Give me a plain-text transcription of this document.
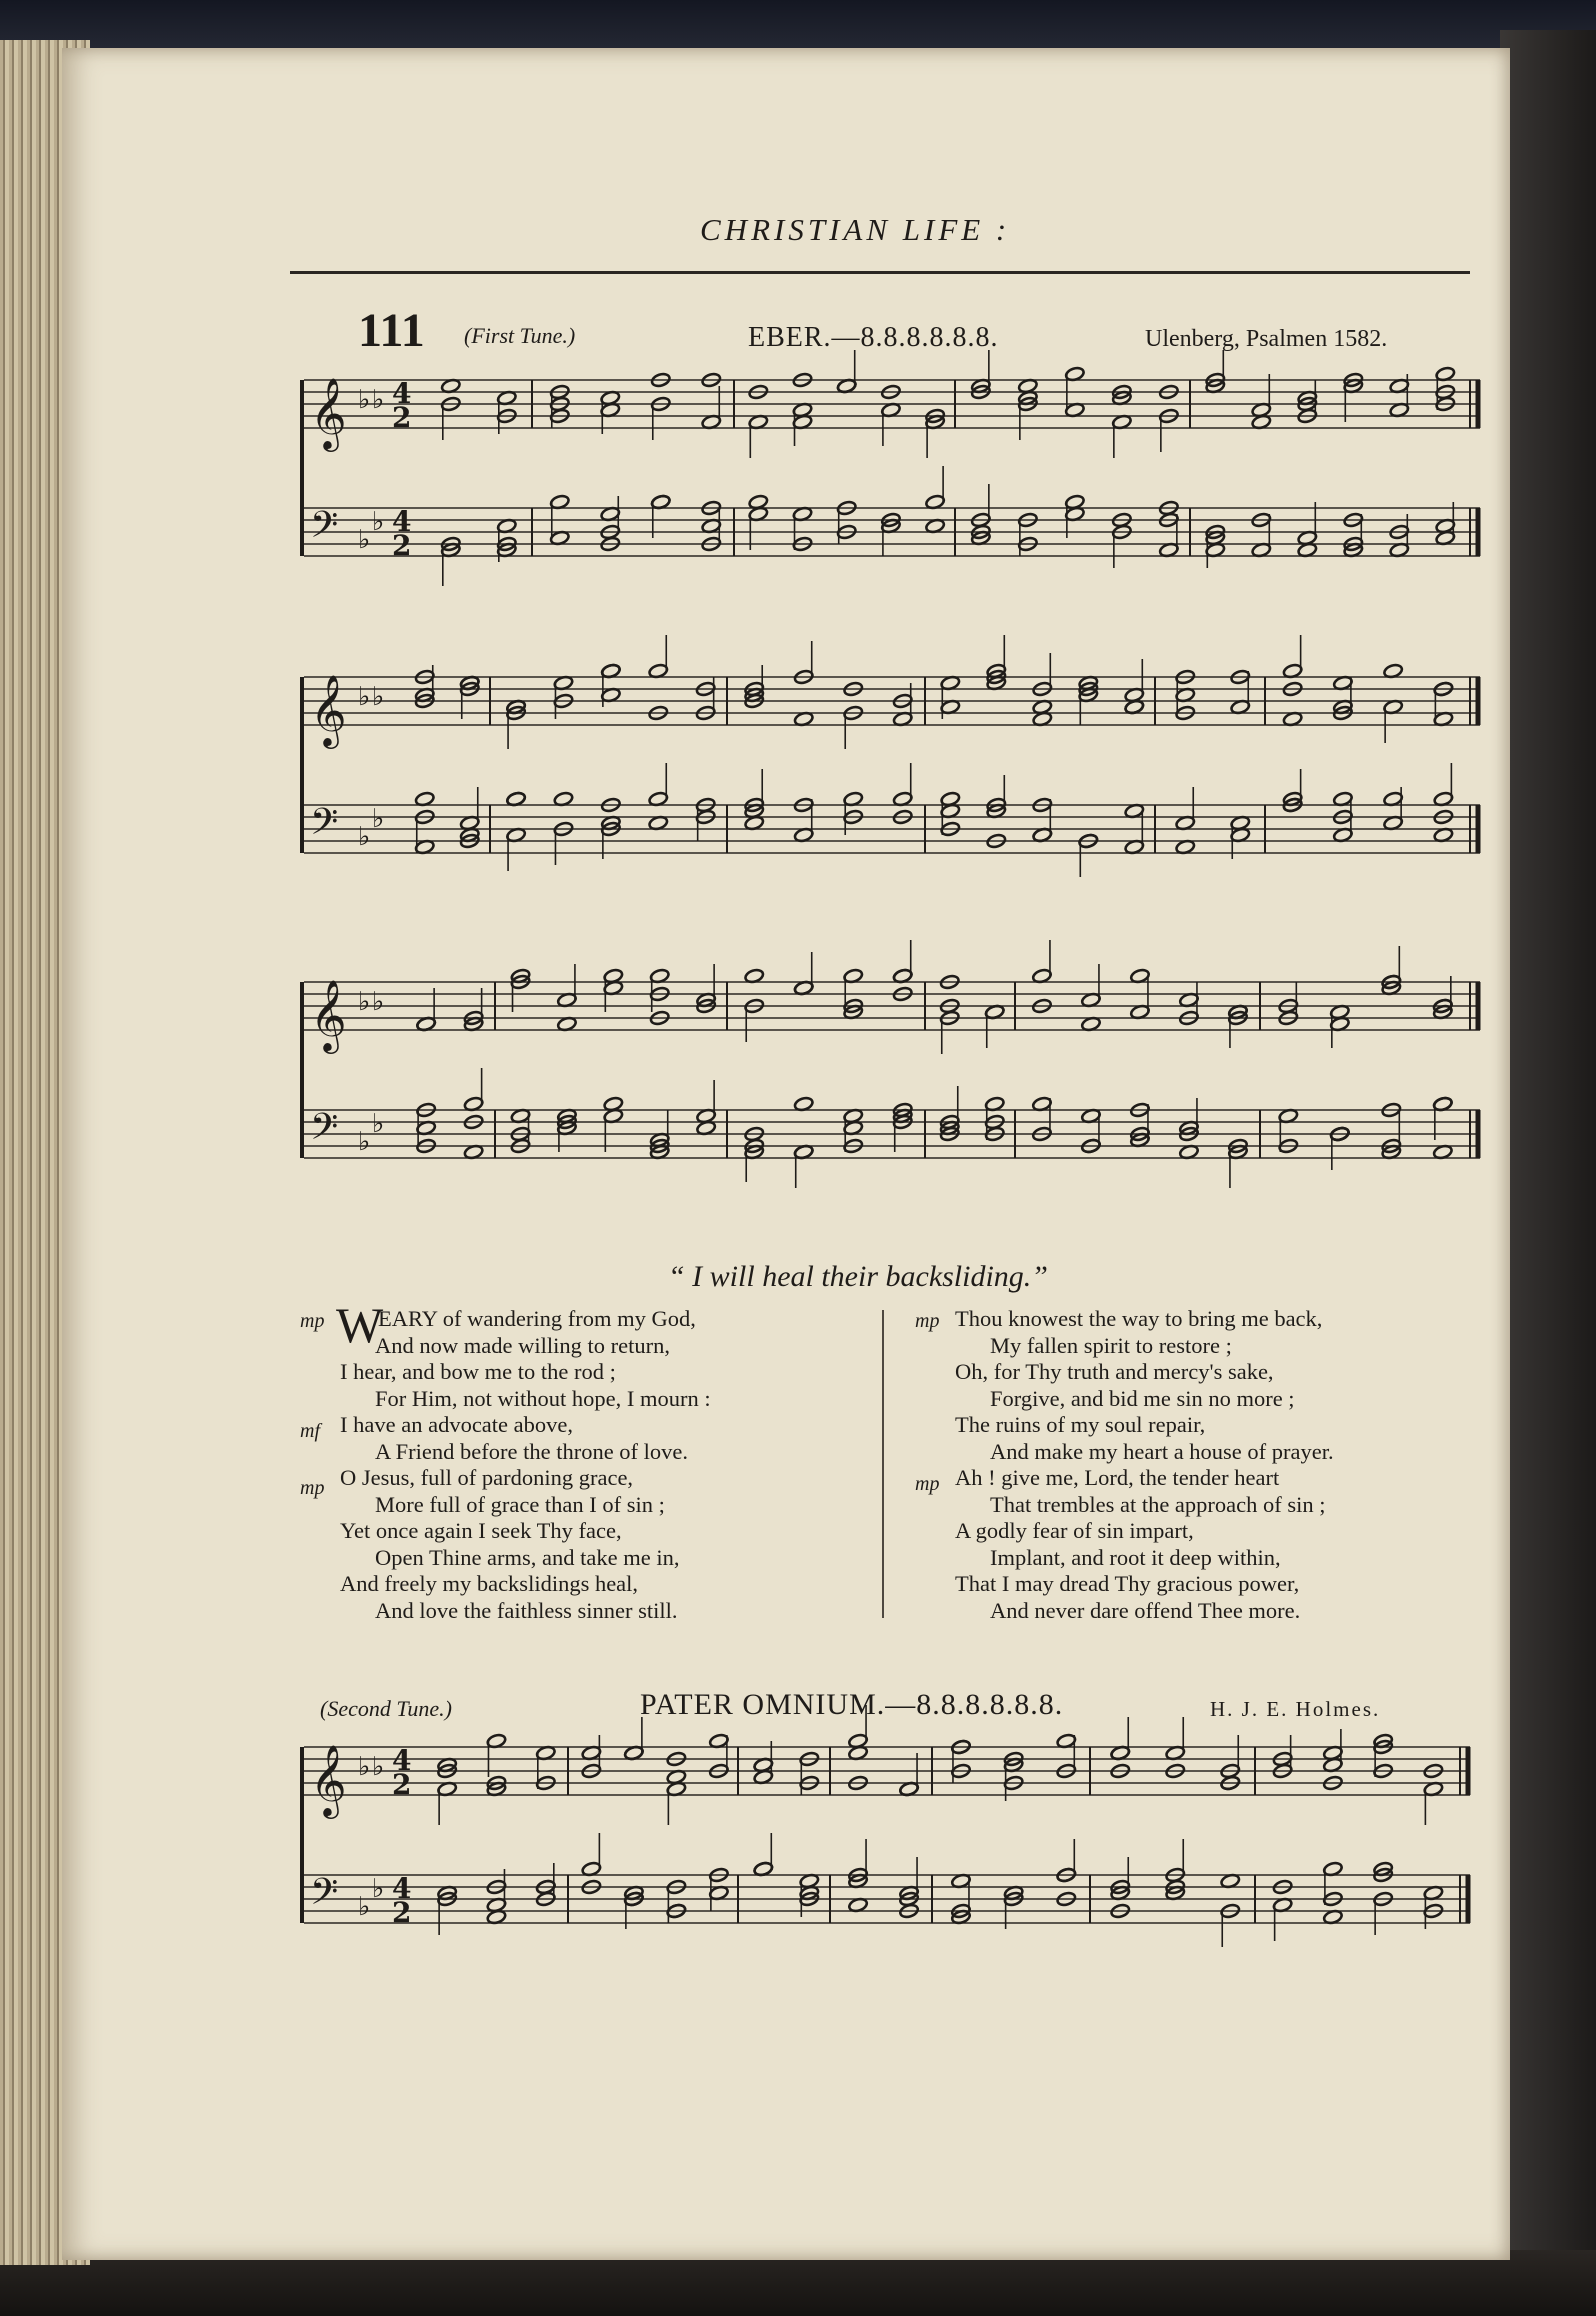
CHRISTIAN LIFE :
111 (First Tune.)	EBER.—8.8.8.8.8.8.	Ulenberg, Psalmen 1582.
𝄞 ♭ ♭ 4
2
𝄢 ♭
♭ 4
2
𝄞 ♭ ♭
𝄢 ♭
♭
𝄞 ♭ ♭
𝄢 ♭
♭
𝄞 ♭ ♭ 4
2
𝄢 ♭
♭ 4
2
“ I will heal their backsliding.”
EARY of wandering from my God,
mp W
And now made willing to return,
I hear, and bow me to the rod ;
For Him, not without hope, I mourn :
I have an advocate above,
mf
A Friend before the throne of love.
O Jesus, full of pardoning grace,
mp
More full of grace than I of sin ;
Yet once again I seek Thy face,
Open Thine arms, and take me in,
And freely my backslidings heal,
And love the faithless sinner still.
Thou knowest the way to bring me back,
mp
My fallen spirit to restore ;
Oh, for Thy truth and mercy's sake,
Forgive, and bid me sin no more ;
The ruins of my soul repair,
And make my heart a house of prayer.
Ah ! give me, Lord, the tender heart
mp
That trembles at the approach of sin ;
A godly fear of sin impart,
Implant, and root it deep within,
That I may dread Thy gracious power,
And never dare offend Thee more.
(Second Tune.)	PATER OMNIUM.—8.8.8.8.8.8.	H. J. E. Holmes.
